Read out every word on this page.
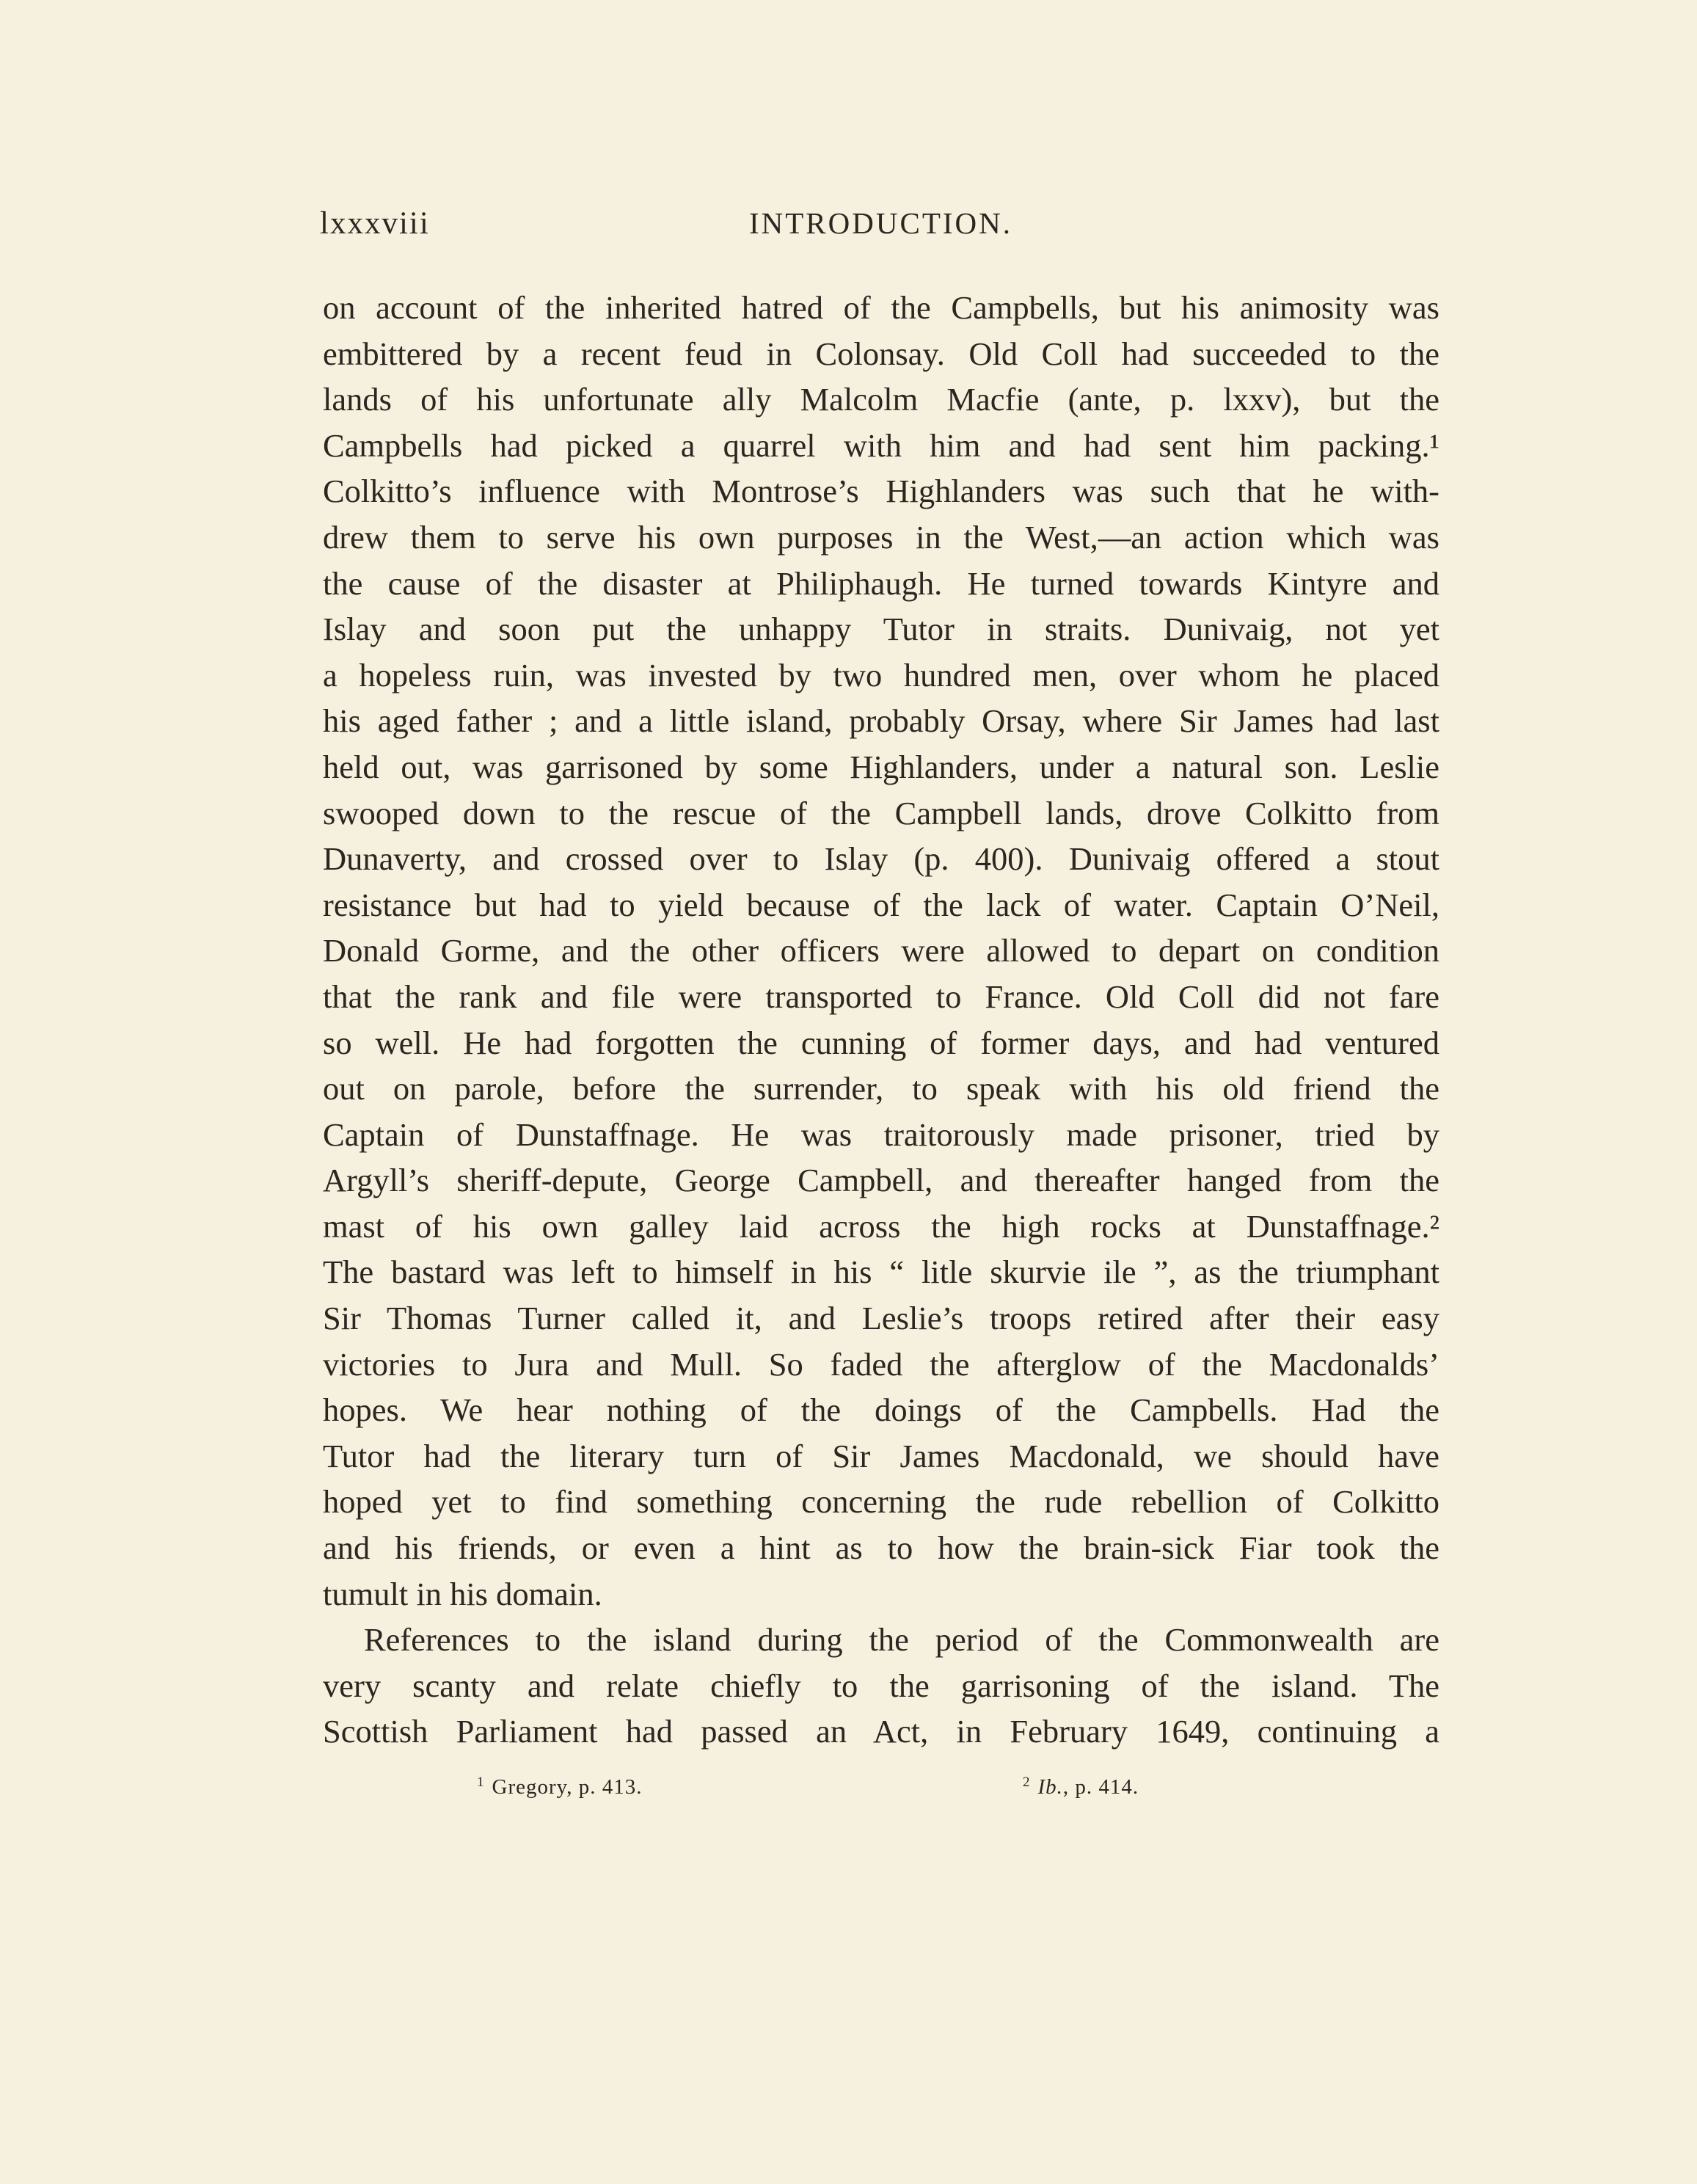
lxxxviii	INTRODUCTION.
on account of the inherited hatred of the Campbells, but his animosity was
embittered by a recent feud in Colonsay. Old Coll had succeeded to the
lands of his unfortunate ally Malcolm Macfie (ante, p. lxxv), but the
Campbells had picked a quarrel with him and had sent him packing.¹
Colkitto’s influence with Montrose’s Highlanders was such that he with-
drew them to serve his own purposes in the West,—an action which was
the cause of the disaster at Philiphaugh. He turned towards Kintyre and
Islay and soon put the unhappy Tutor in straits. Dunivaig, not yet
a hopeless ruin, was invested by two hundred men, over whom he placed
his aged father ; and a little island, probably Orsay, where Sir James had last
held out, was garrisoned by some Highlanders, under a natural son. Leslie
swooped down to the rescue of the Campbell lands, drove Colkitto from
Dunaverty, and crossed over to Islay (p. 400). Dunivaig offered a stout
resistance but had to yield because of the lack of water. Captain O’Neil,
Donald Gorme, and the other officers were allowed to depart on condition
that the rank and file were transported to France. Old Coll did not fare
so well. He had forgotten the cunning of former days, and had ventured
out on parole, before the surrender, to speak with his old friend the
Captain of Dunstaffnage. He was traitorously made prisoner, tried by
Argyll’s sheriff-depute, George Campbell, and thereafter hanged from the
mast of his own galley laid across the high rocks at Dunstaffnage.²
The bastard was left to himself in his “ litle skurvie ile ”, as the triumphant
Sir Thomas Turner called it, and Leslie’s troops retired after their easy
victories to Jura and Mull. So faded the afterglow of the Macdonalds’
hopes. We hear nothing of the doings of the Campbells. Had the
Tutor had the literary turn of Sir James Macdonald, we should have
hoped yet to find something concerning the rude rebellion of Colkitto
and his friends, or even a hint as to how the brain-sick Fiar took the
tumult in his domain.
References to the island during the period of the Commonwealth are
very scanty and relate chiefly to the garrisoning of the island. The
Scottish Parliament had passed an Act, in February 1649, continuing a
$^1$ Gregory, p. 413.	$^2$ Ib., p. 414.
